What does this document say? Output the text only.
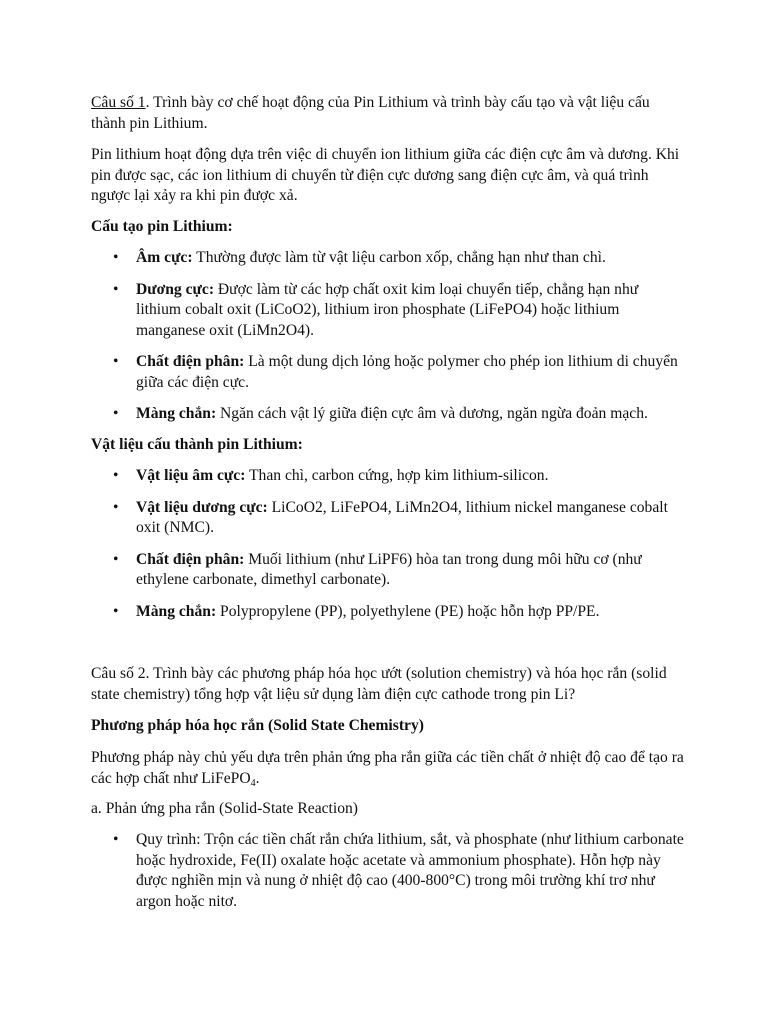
Câu số 1. Trình bày cơ chế hoạt động của Pin Lithium và trình bày cấu tạo và vật liệu cấu thành pin Lithium.

Pin lithium hoạt động dựa trên việc di chuyển ion lithium giữa các điện cực âm và dương. Khi pin được sạc, các ion lithium di chuyển từ điện cực dương sang điện cực âm, và quá trình ngược lại xảy ra khi pin được xả.

Cấu tạo pin Lithium:

• Âm cực: Thường được làm từ vật liệu carbon xốp, chẳng hạn như than chì.
• Dương cực: Được làm từ các hợp chất oxit kim loại chuyển tiếp, chẳng hạn như lithium cobalt oxit (LiCoO2), lithium iron phosphate (LiFePO4) hoặc lithium manganese oxit (LiMn2O4).
• Chất điện phân: Là một dung dịch lỏng hoặc polymer cho phép ion lithium di chuyển giữa các điện cực.
• Màng chắn: Ngăn cách vật lý giữa điện cực âm và dương, ngăn ngừa đoản mạch.

Vật liệu cấu thành pin Lithium:

• Vật liệu âm cực: Than chì, carbon cứng, hợp kim lithium-silicon.
• Vật liệu dương cực: LiCoO2, LiFePO4, LiMn2O4, lithium nickel manganese cobalt oxit (NMC).
• Chất điện phân: Muối lithium (như LiPF6) hòa tan trong dung môi hữu cơ (như ethylene carbonate, dimethyl carbonate).
• Màng chắn: Polypropylene (PP), polyethylene (PE) hoặc hỗn hợp PP/PE.

Câu số 2. Trình bày các phương pháp hóa học ướt (solution chemistry) và hóa học rắn (solid state chemistry) tổng hợp vật liệu sử dụng làm điện cực cathode trong pin Li?

Phương pháp hóa học rắn (Solid State Chemistry)

Phương pháp này chủ yếu dựa trên phản ứng pha rắn giữa các tiền chất ở nhiệt độ cao để tạo ra các hợp chất như LiFePO$_4$.

a. Phản ứng pha rắn (Solid-State Reaction)

• Quy trình: Trộn các tiền chất rắn chứa lithium, sắt, và phosphate (như lithium carbonate hoặc hydroxide, Fe(II) oxalate hoặc acetate và ammonium phosphate). Hỗn hợp này được nghiền mịn và nung ở nhiệt độ cao (400-800°C) trong môi trường khí trơ như argon hoặc nitơ.
